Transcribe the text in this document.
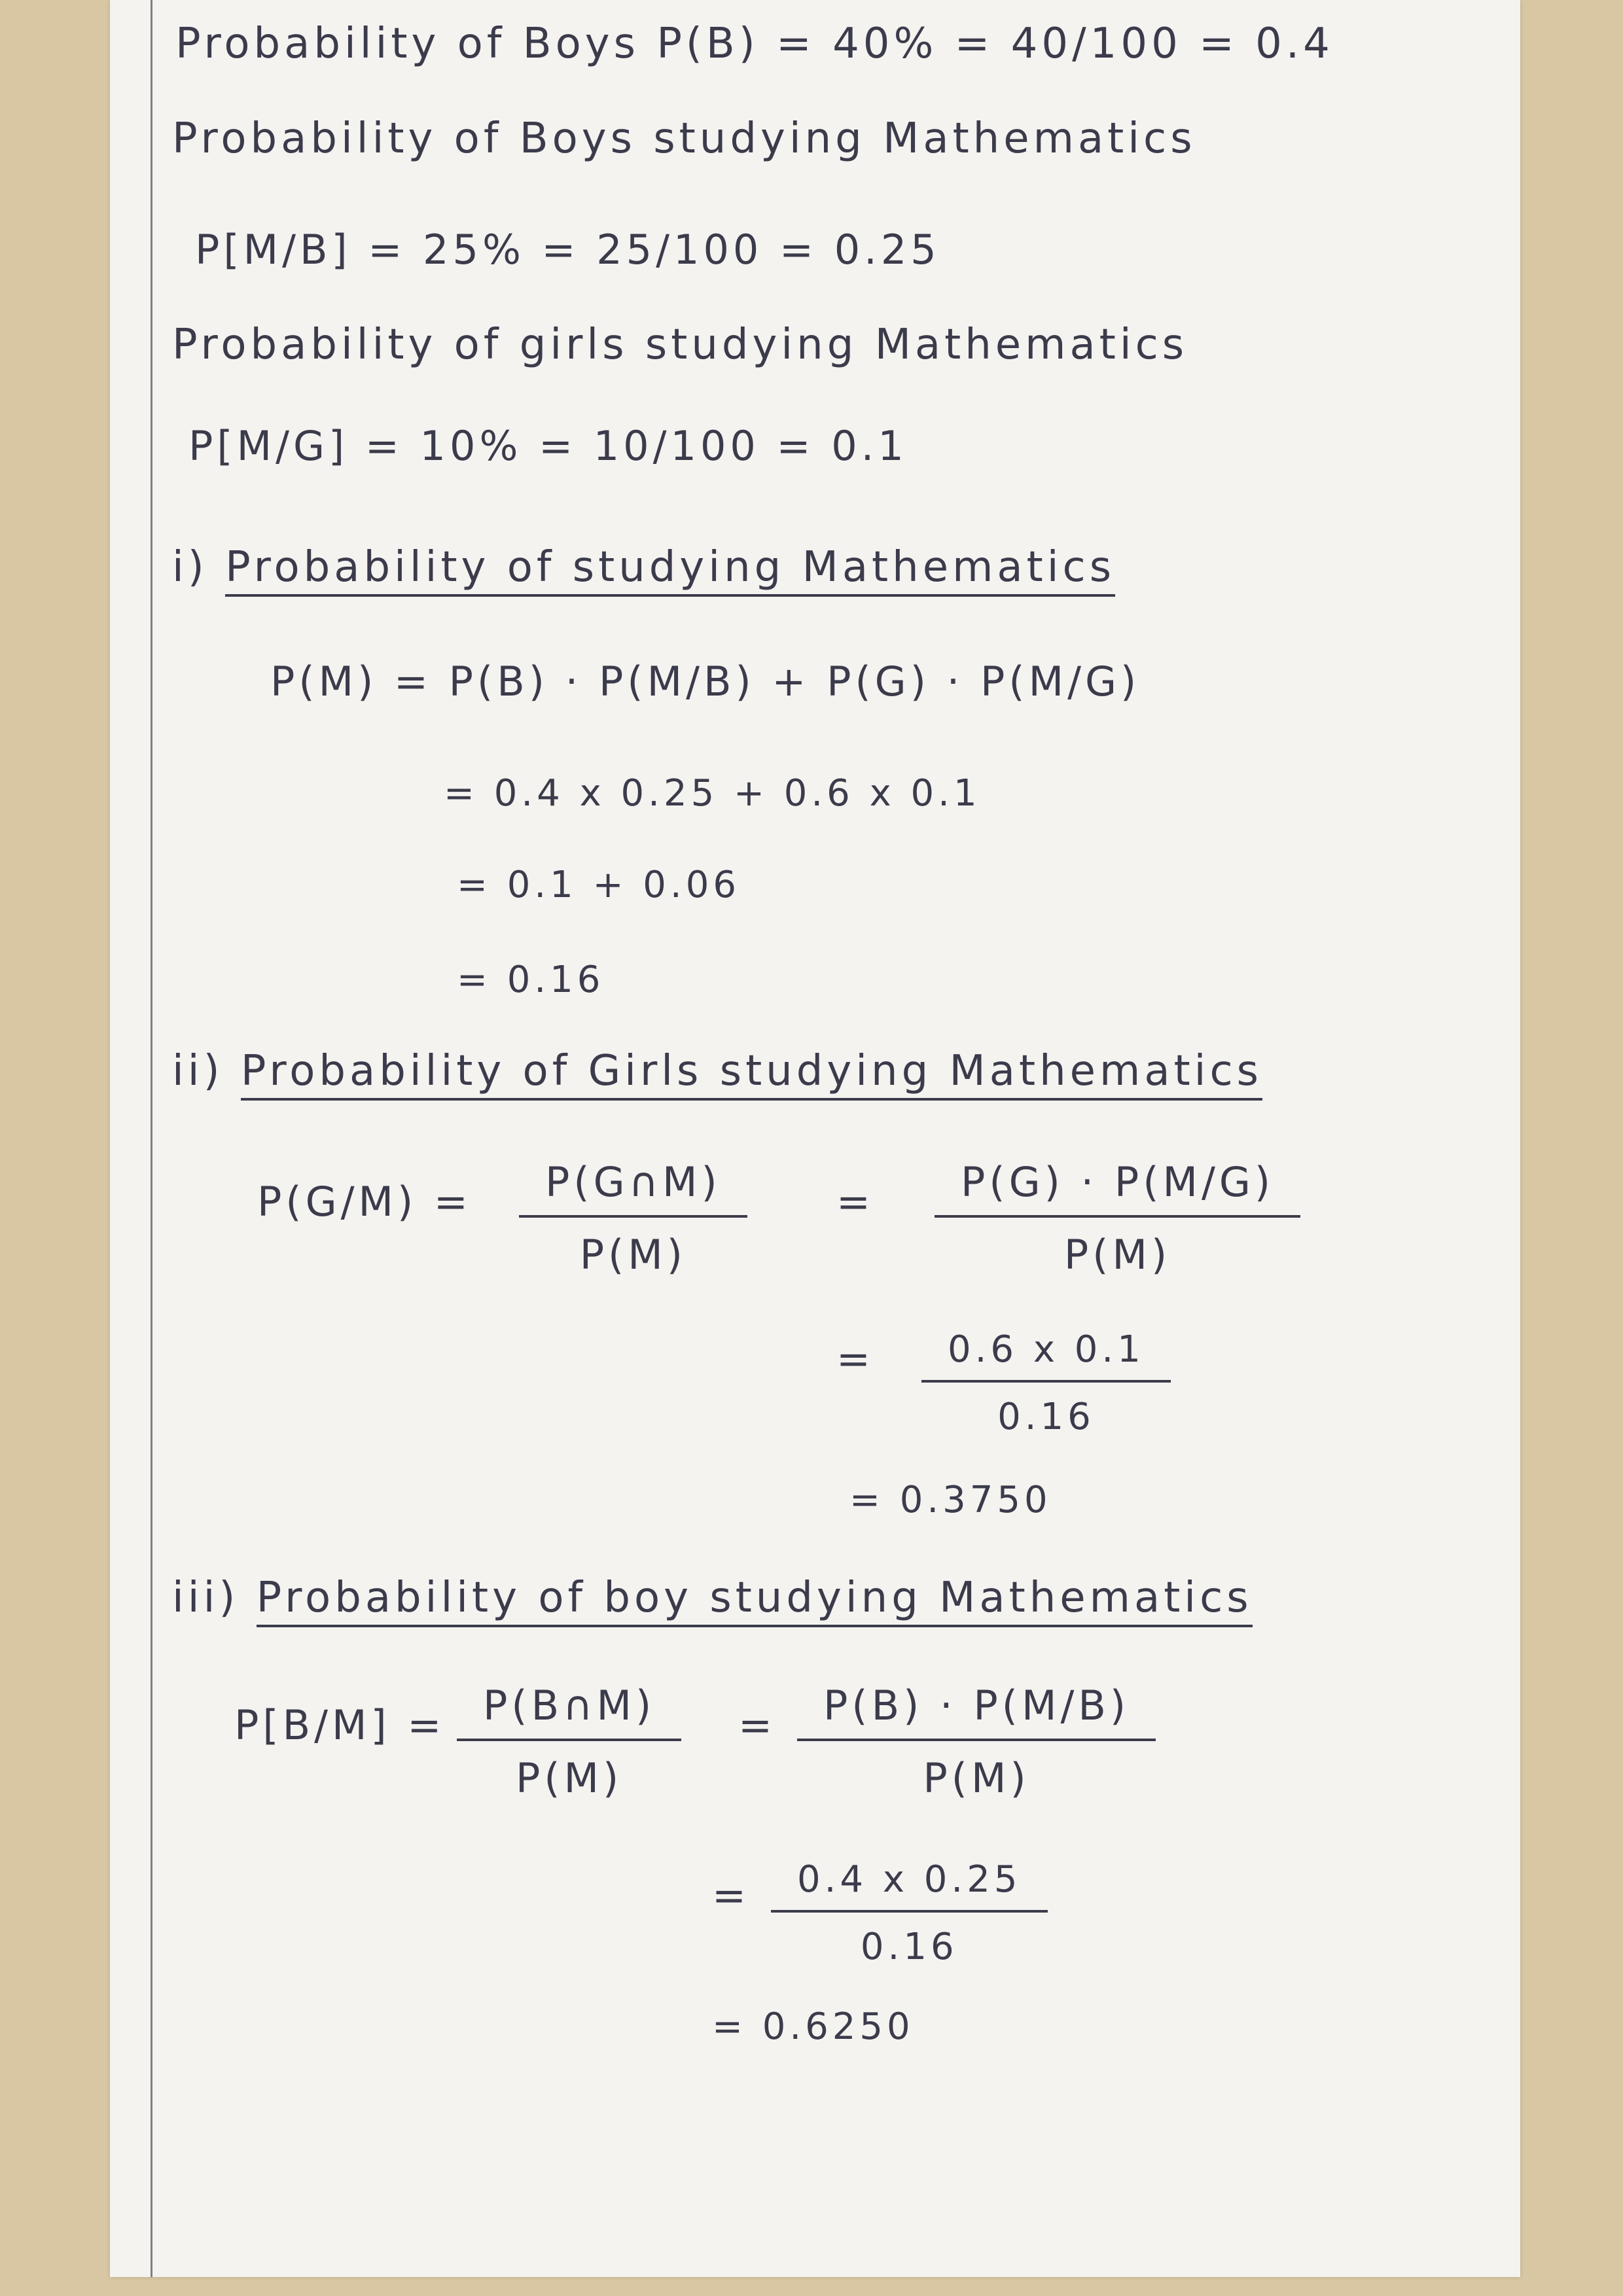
Probability of Boys P(B) = 40% = 40/100 = 0.4
Probability of Boys studying Mathematics
P[M/B] = 25% = 25/100 = 0.25
Probability of girls studying Mathematics
P[M/G] = 10% = 10/100 = 0.1
i) Probability of studying Mathematics
P(M) = P(B) · P(M/B) + P(G) · P(M/G)
= 0.4 x 0.25 + 0.6 x 0.1
= 0.1 + 0.06
= 0.16
ii) Probability of Girls studying Mathematics
$P(G/M) = \frac{P(G\cap M)}{P(M)} = \frac{P(G) \cdot P(M/G)}{P(M)}$
= $\frac{0.6 x 0.1}{0.16}$
= 0.3750
iii) Probability of boy studying Mathematics
$P[B/M] = \frac{P(B\cap M)}{P(M)} = \frac{P(B) \cdot P(M/B)}{P(M)}$
= $\frac{0.4 x 0.25}{0.16}$
= 0.6250
